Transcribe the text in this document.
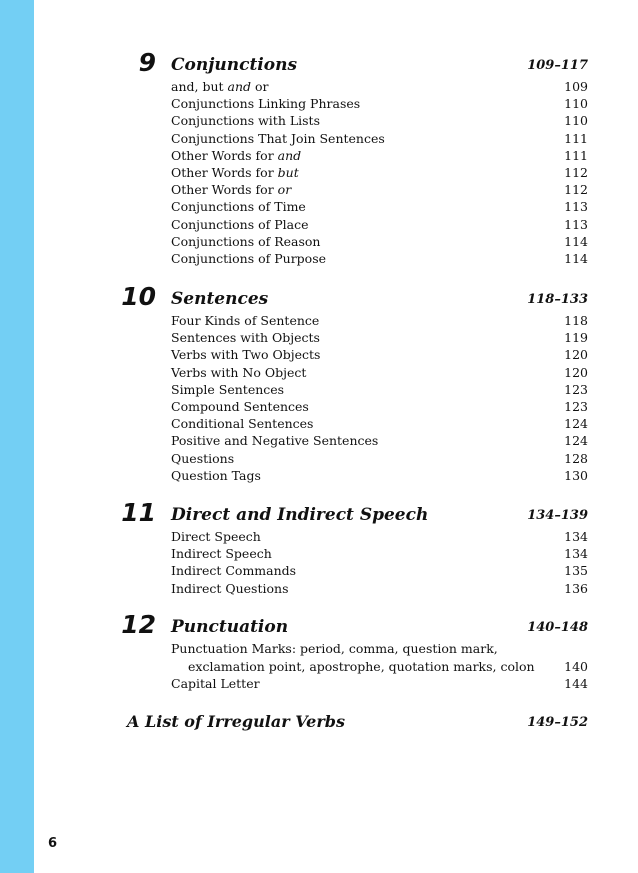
9 Conjunctions	109–117
and, but and or	109
Conjunctions Linking Phrases	110
Conjunctions with Lists	110
Conjunctions That Join Sentences	111
Other Words for and	111
Other Words for but	112
Other Words for or	112
Conjunctions of Time	113
Conjunctions of Place	113
Conjunctions of Reason	114
Conjunctions of Purpose	114
10 Sentences	118–133
Four Kinds of Sentence	118
Sentences with Objects	119
Verbs with Two Objects	120
Verbs with No Object	120
Simple Sentences	123
Compound Sentences	123
Conditional Sentences	124
Positive and Negative Sentences	124
Questions	128
Question Tags	130
11 Direct and Indirect Speech	134–139
Direct Speech	134
Indirect Speech	134
Indirect Commands	135
Indirect Questions	136
12 Punctuation	140–148
Punctuation Marks: period, comma, question mark,
exclamation point, apostrophe, quotation marks, colon 140
Capital Letter	144
A List of Irregular Verbs	149–152
6
